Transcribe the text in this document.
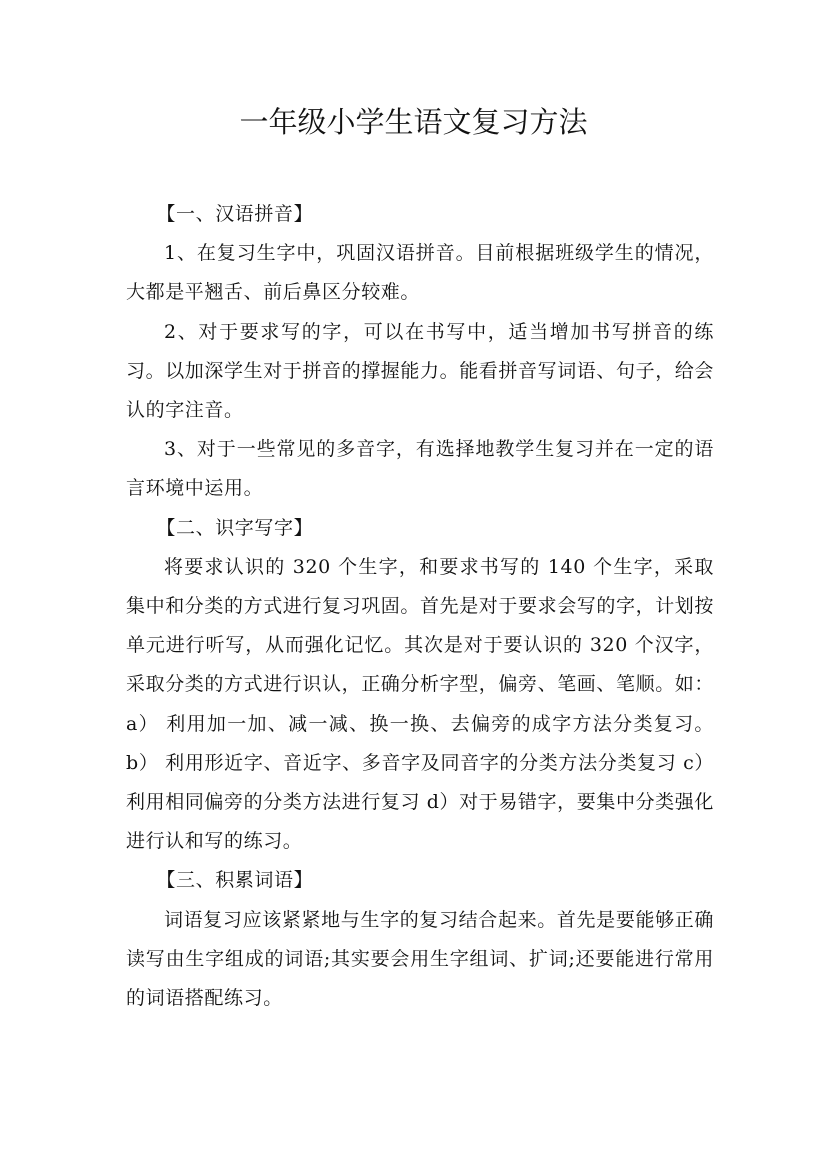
一年级小学生语文复习方法

【一、汉语拼音】

1、在复习生字中，巩固汉语拼音。目前根据班级学生的情况，大都是平翘舌、前后鼻区分较难。

2、对于要求写的字，可以在书写中，适当增加书写拼音的练习。以加深学生对于拼音的撑握能力。能看拼音写词语、句子，给会认的字注音。

3、对于一些常见的多音字，有选择地教学生复习并在一定的语言环境中运用。

【二、识字写字】

将要求认识的 320 个生字，和要求书写的 140 个生字，采取集中和分类的方式进行复习巩固。首先是对于要求会写的字，计划按单元进行听写，从而强化记忆。其次是对于要认识的 320 个汉字，采取分类的方式进行识认，正确分析字型，偏旁、笔画、笔顺。如：a） 利用加一加、减一减、换一换、去偏旁的成字方法分类复习。b） 利用形近字、音近字、多音字及同音字的分类方法分类复习 c）利用相同偏旁的分类方法进行复习 d）对于易错字，要集中分类强化进行认和写的练习。

【三、积累词语】

词语复习应该紧紧地与生字的复习结合起来。首先是要能够正确读写由生字组成的词语;其实要会用生字组词、扩词;还要能进行常用的词语搭配练习。
